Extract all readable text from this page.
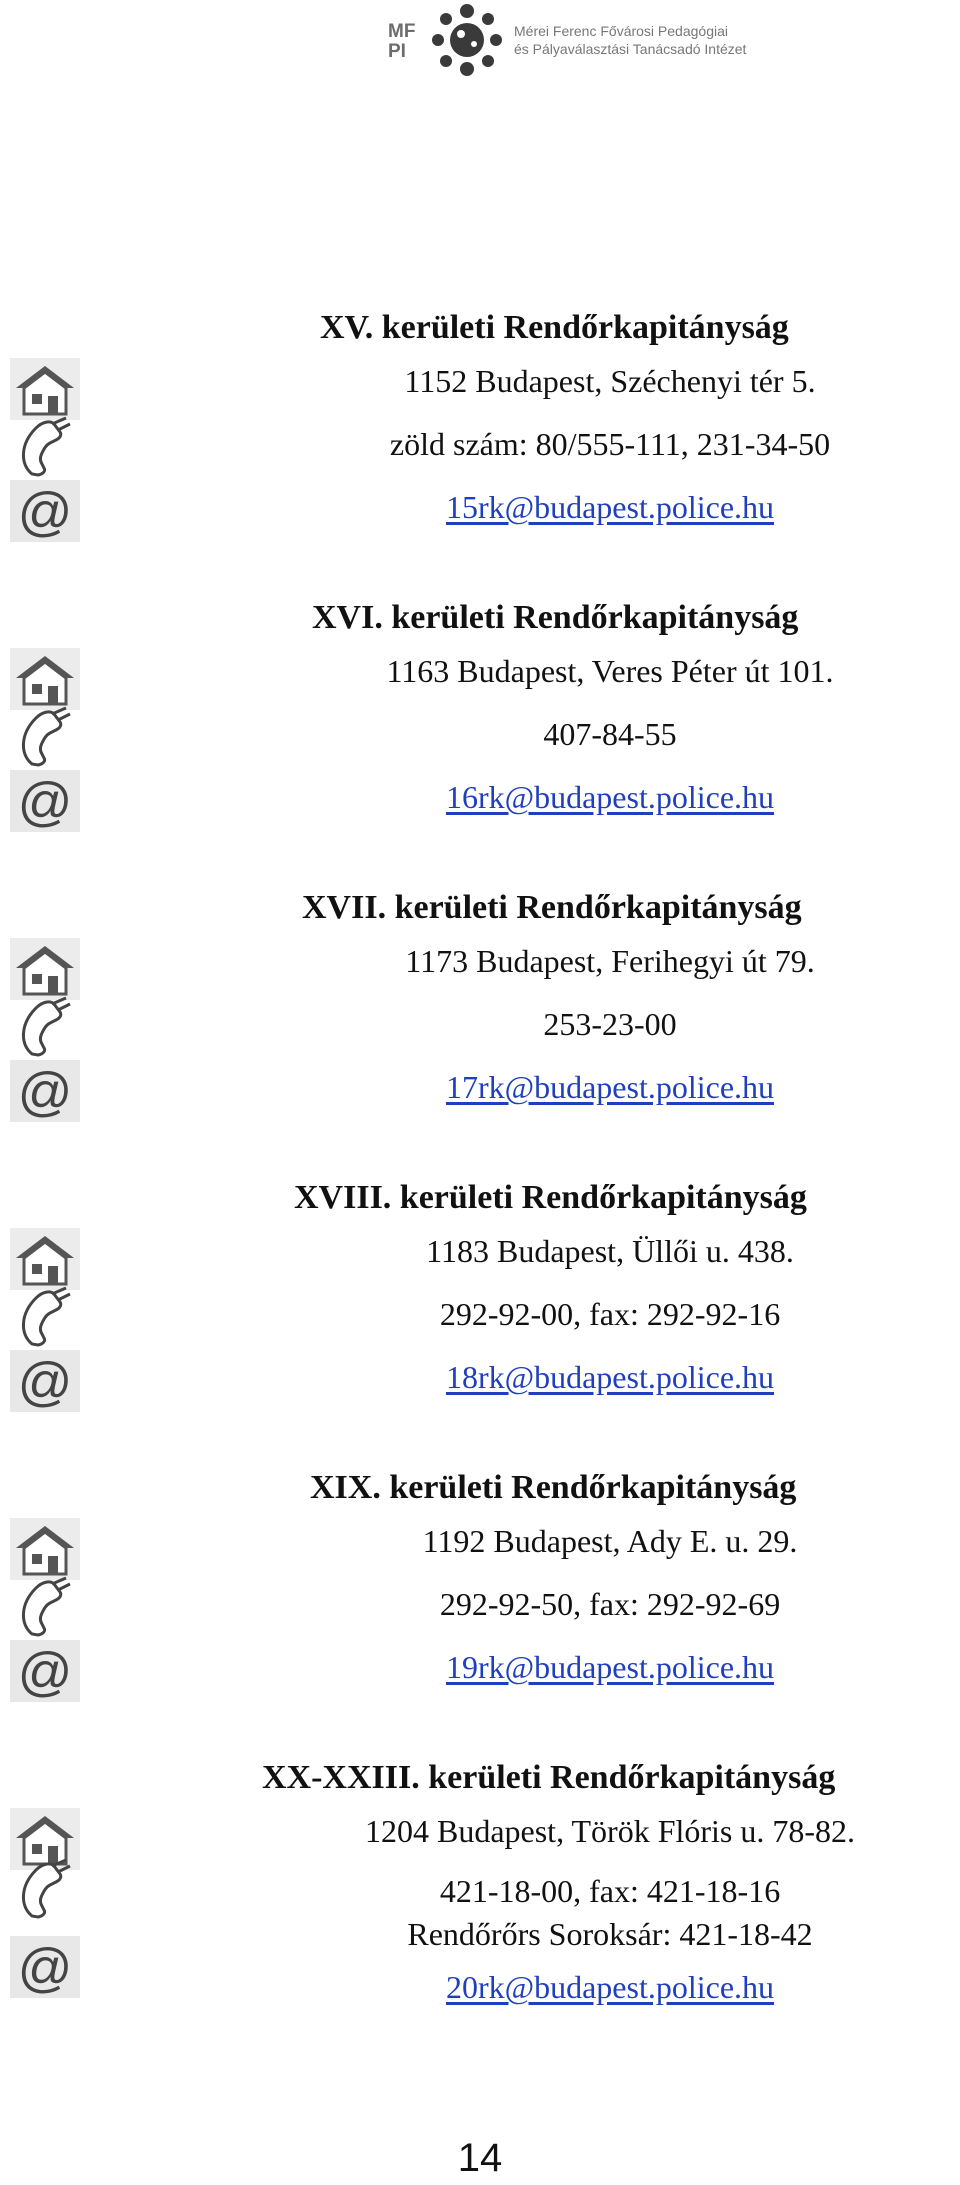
MF
PI
Mérei Ferenc Fővárosi Pedagógiai
és Pályaválasztási Tanácsadó Intézet
XV. kerületi Rendőrkapitányság
1152 Budapest, Széchenyi tér 5.
zöld szám: 80/555-111, 231-34-50
@	15rk@budapest.police.hu
XVI. kerületi Rendőrkapitányság
1163 Budapest, Veres Péter út 101.
407-84-55
@	16rk@budapest.police.hu
XVII. kerületi Rendőrkapitányság
1173 Budapest, Ferihegyi út 79.
253-23-00
@	17rk@budapest.police.hu
XVIII. kerületi Rendőrkapitányság
1183 Budapest, Üllői u. 438.
292-92-00, fax: 292-92-16
@	18rk@budapest.police.hu
XIX. kerületi Rendőrkapitányság
1192 Budapest, Ady E. u. 29.
292-92-50, fax: 292-92-69
@	19rk@budapest.police.hu
XX-XXIII. kerületi Rendőrkapitányság
1204 Budapest, Török Flóris u. 78-82.
421-18-00, fax: 421-18-16
Rendőrőrs Soroksár: 421-18-42
@	20rk@budapest.police.hu
14
